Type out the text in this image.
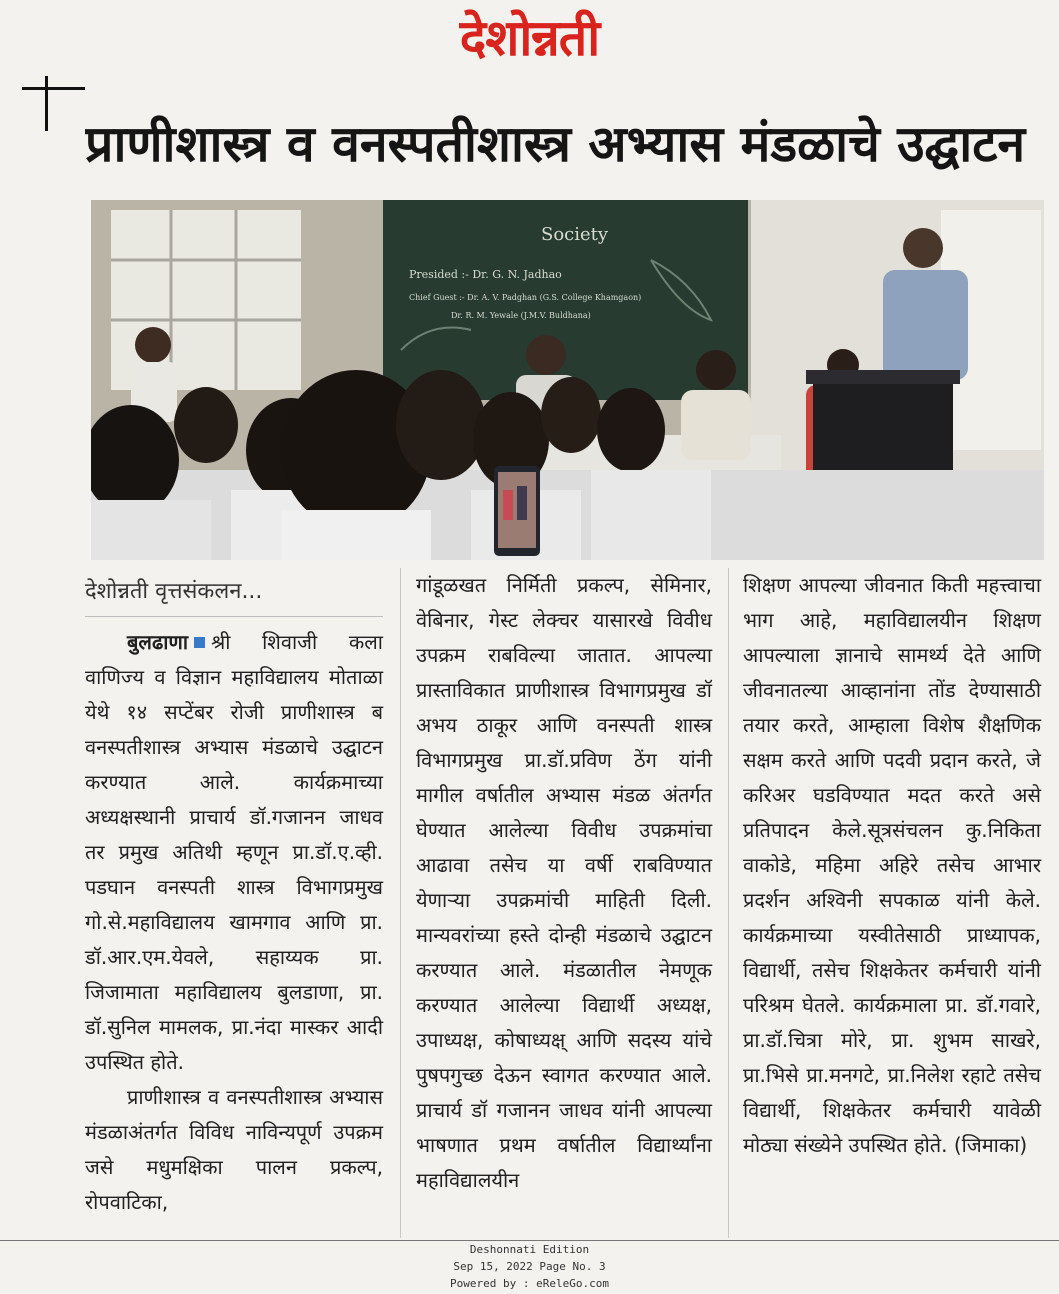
देशोन्नती
प्राणीशास्त्र व वनस्पतीशास्त्र अभ्यास मंडळाचे उद्घाटन
Society
Presided :- Dr. G. N. Jadhao
Chief Guest :- Dr. A. V. Padghan (G.S. College Khamgaon)
Dr. R. M. Yewale (J.M.V. Buldhana)
देशोन्नती वृत्तसंकलन...

बुलढाणा श्री शिवाजी कला वाणिज्य व विज्ञान महाविद्यालय मोताळा येथे १४ सप्टेंबर रोजी प्राणीशास्त्र ब वनस्पतीशास्त्र अभ्यास मंडळाचे उद्घाटन करण्यात आले. कार्यक्रमाच्या अध्यक्षस्थानी प्राचार्य डॉ.गजानन जाधव तर प्रमुख अतिथी म्हणून प्रा.डॉ.ए.व्ही. पडघान वनस्पती शास्त्र विभागप्रमुख गो.से.महाविद्यालय खामगाव आणि प्रा. डॉ.आर.एम.येवले, सहाय्यक प्रा. जिजामाता महाविद्यालय बुलडाणा, प्रा. डॉ.सुनिल मामलक, प्रा.नंदा मास्कर आदी उपस्थित होते.

प्राणीशास्त्र व वनस्पतीशास्त्र अभ्यास मंडळाअंतर्गत विविध नाविन्यपूर्ण उपक्रम जसे मधुमक्षिका पालन प्रकल्प, रोपवाटिका,

गांडूळखत निर्मिती प्रकल्प, सेमिनार, वेबिनार, गेस्ट लेक्चर यासारखे विवीध उपक्रम राबविल्या जातात. आपल्या प्रास्ताविकात प्राणीशास्त्र विभागप्रमुख डॉ अभय ठाकूर आणि वनस्पती शास्त्र विभागप्रमुख प्रा.डॉ.प्रविण ठेंग यांनी मागील वर्षातील अभ्यास मंडळ अंतर्गत घेण्यात आलेल्या विवीध उपक्रमांचा आढावा तसेच या वर्षी राबविण्यात येणाऱ्या उपक्रमांची माहिती दिली. मान्यवरांच्या हस्ते दोन्ही मंडळाचे उद्घाटन करण्यात आले. मंडळातील नेमणूक करण्यात आलेल्या विद्यार्थी अध्यक्ष, उपाध्यक्ष, कोषाध्यक्ष् आणि सदस्य यांचे पुषपगुच्छ देऊन स्वागत करण्यात आले. प्राचार्य डॉ गजानन जाधव यांनी आपल्या भाषणात प्रथम वर्षातील विद्यार्थ्यांना महाविद्यालयीन

शिक्षण आपल्या जीवनात किती महत्त्वाचा भाग आहे, महाविद्यालयीन शिक्षण आपल्याला ज्ञानाचे सामर्थ्य देते आणि जीवनातल्या आव्हानांना तोंड देण्यासाठी तयार करते, आम्हाला विशेष शैक्षणिक सक्षम करते आणि पदवी प्रदान करते, जे करिअर घडविण्यात मदत करते असे प्रतिपादन केले.सूत्रसंचलन कु.निकिता वाकोडे, महिमा अहिरे तसेच आभार प्रदर्शन अश्विनी सपकाळ यांनी केले. कार्यक्रमाच्या यस्वीतेसाठी प्राध्यापक, विद्यार्थी, तसेच शिक्षकेतर कर्मचारी यांनी परिश्रम घेतले. कार्यक्रमाला प्रा. डॉ.गवारे, प्रा.डॉ.चित्रा मोरे, प्रा. शुभम साखरे, प्रा.भिसे प्रा.मनगटे, प्रा.निलेश रहाटे तसेच विद्यार्थी, शिक्षकेतर कर्मचारी यावेळी मोठ्या संख्येने उपस्थित होते. (जिमाका)

Deshonnati Edition
Sep 15, 2022 Page No. 3
Powered by : eReleGo.com
